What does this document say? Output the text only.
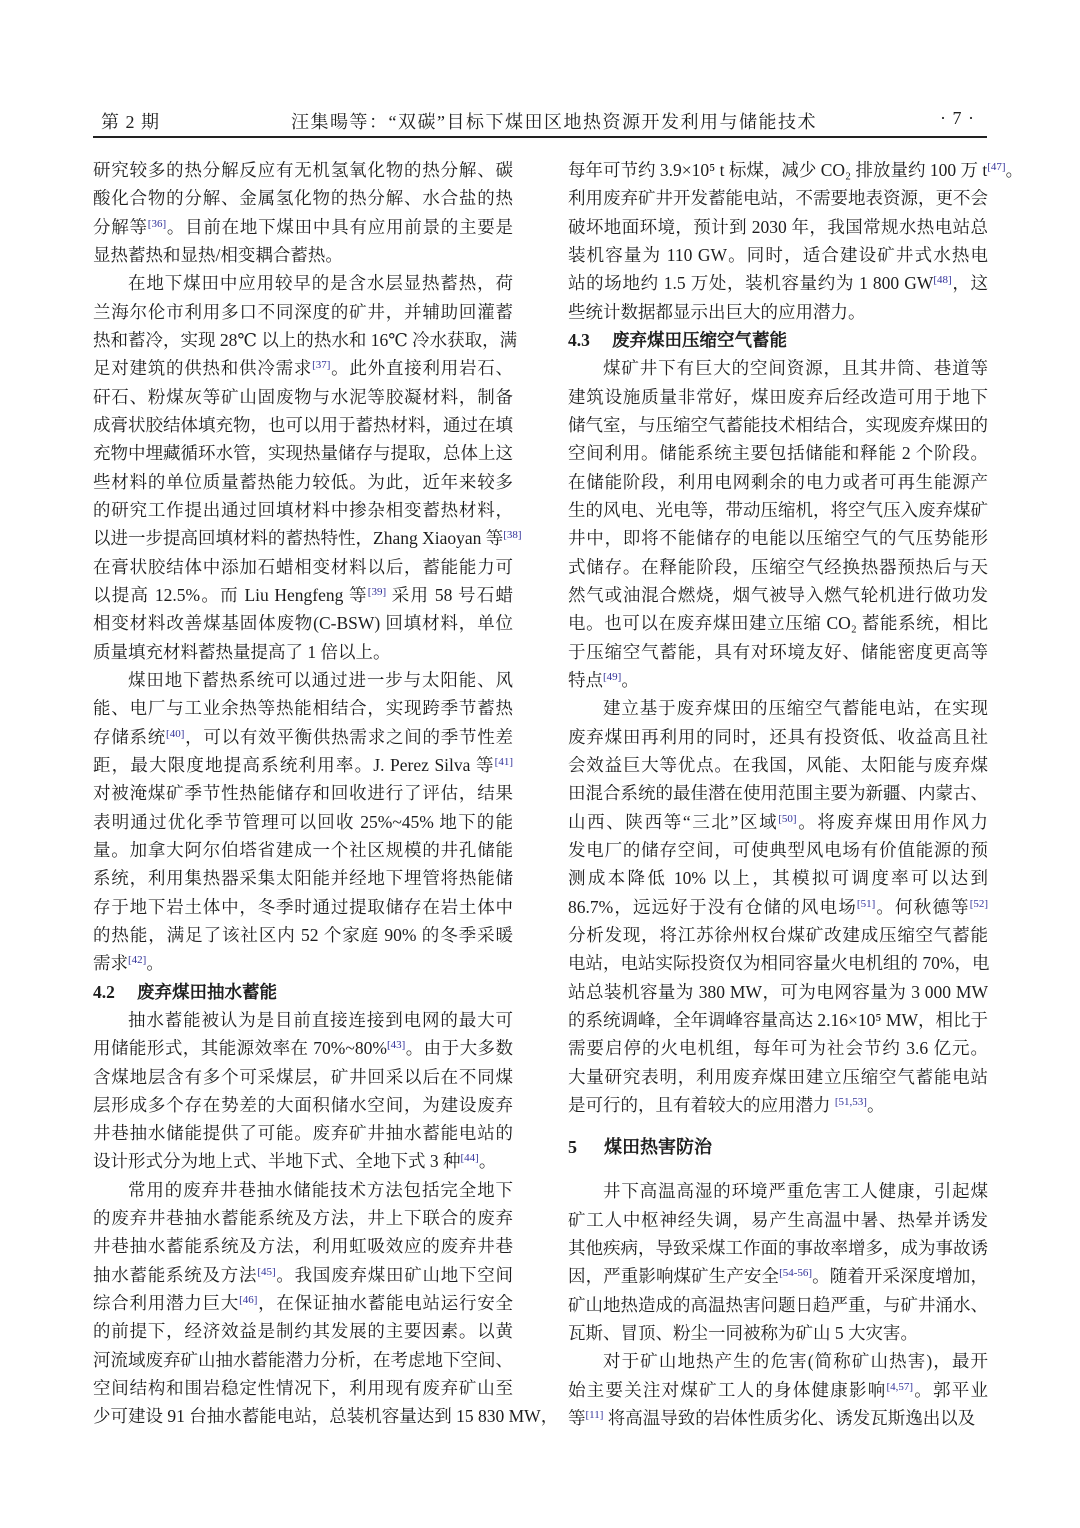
第 2 期	汪集暘等：“双碳”目标下煤田区地热资源开发利用与储能技术	· 7 ·
研究较多的热分解反应有无机氢氧化物的热分解、碳
酸化合物的分解、金属氢化物的热分解、水合盐的热
分解等[36]。目前在地下煤田中具有应用前景的主要是
显热蓄热和显热/相变耦合蓄热。
在地下煤田中应用较早的是含水层显热蓄热，荷
兰海尔伦市利用多口不同深度的矿井，并辅助回灌蓄
热和蓄冷，实现 28℃ 以上的热水和 16℃ 冷水获取，满
足对建筑的供热和供冷需求[37]。此外直接利用岩石、
矸石、粉煤灰等矿山固废物与水泥等胶凝材料，制备
成膏状胶结体填充物，也可以用于蓄热材料，通过在填
充物中埋藏循环水管，实现热量储存与提取，总体上这
些材料的单位质量蓄热能力较低。为此，近年来较多
的研究工作提出通过回填材料中掺杂相变蓄热材料，
以进一步提高回填材料的蓄热特性，Zhang Xiaoyan 等[38]
在膏状胶结体中添加石蜡相变材料以后，蓄能能力可
以提高 12.5%。而 Liu Hengfeng 等[39] 采用 58 号石蜡
相变材料改善煤基固体废物(C-BSW) 回填材料，单位
质量填充材料蓄热量提高了 1 倍以上。
煤田地下蓄热系统可以通过进一步与太阳能、风
能、电厂与工业余热等热能相结合，实现跨季节蓄热
存储系统[40]，可以有效平衡供热需求之间的季节性差
距，最大限度地提高系统利用率。J. Perez Silva 等[41]
对被淹煤矿季节性热能储存和回收进行了评估，结果
表明通过优化季节管理可以回收 25%~45% 地下的能
量。加拿大阿尔伯塔省建成一个社区规模的井孔储能
系统，利用集热器采集太阳能并经地下埋管将热能储
存于地下岩土体中，冬季时通过提取储存在岩土体中
的热能，满足了该社区内 52 个家庭 90% 的冬季采暖
需求[42]。
4.2 废弃煤田抽水蓄能
抽水蓄能被认为是目前直接连接到电网的最大可
用储能形式，其能源效率在 70%~80%[43]。由于大多数
含煤地层含有多个可采煤层，矿井回采以后在不同煤
层形成多个存在势差的大面积储水空间，为建设废弃
井巷抽水储能提供了可能。废弃矿井抽水蓄能电站的
设计形式分为地上式、半地下式、全地下式 3 种[44]。
常用的废弃井巷抽水储能技术方法包括完全地下
的废弃井巷抽水蓄能系统及方法，井上下联合的废弃
井巷抽水蓄能系统及方法，利用虹吸效应的废弃井巷
抽水蓄能系统及方法[45]。我国废弃煤田矿山地下空间
综合利用潜力巨大[46]，在保证抽水蓄能电站运行安全
的前提下，经济效益是制约其发展的主要因素。以黄
河流域废弃矿山抽水蓄能潜力分析，在考虑地下空间、
空间结构和围岩稳定性情况下，利用现有废弃矿山至
少可建设 91 台抽水蓄能电站，总装机容量达到 15 830 MW，
每年可节约 3.9×10⁵ t 标煤，减少 CO₂ 排放量约 100 万 t[47]。
利用废弃矿井开发蓄能电站，不需要地表资源，更不会
破坏地面环境，预计到 2030 年，我国常规水热电站总
装机容量为 110 GW。同时，适合建设矿井式水热电
站的场地约 1.5 万处，装机容量约为 1 800 GW[48]，这
些统计数据都显示出巨大的应用潜力。
4.3 废弃煤田压缩空气蓄能
煤矿井下有巨大的空间资源，且其井筒、巷道等
建筑设施质量非常好，煤田废弃后经改造可用于地下
储气室，与压缩空气蓄能技术相结合，实现废弃煤田的
空间利用。储能系统主要包括储能和释能 2 个阶段。
在储能阶段，利用电网剩余的电力或者可再生能源产
生的风电、光电等，带动压缩机，将空气压入废弃煤矿
井中，即将不能储存的电能以压缩空气的气压势能形
式储存。在释能阶段，压缩空气经换热器预热后与天
然气或油混合燃烧，烟气被导入燃气轮机进行做功发
电。也可以在废弃煤田建立压缩 CO₂ 蓄能系统，相比
于压缩空气蓄能，具有对环境友好、储能密度更高等
特点[49]。
建立基于废弃煤田的压缩空气蓄能电站，在实现
废弃煤田再利用的同时，还具有投资低、收益高且社
会效益巨大等优点。在我国，风能、太阳能与废弃煤
田混合系统的最佳潜在使用范围主要为新疆、内蒙古、
山西、陕西等“三北”区域[50]。将废弃煤田用作风力
发电厂的储存空间，可使典型风电场有价值能源的预
测成本降低 10% 以上，其模拟可调度率可以达到
86.7%，远远好于没有仓储的风电场[51]。何秋德等[52]
分析发现，将江苏徐州权台煤矿改建成压缩空气蓄能
电站，电站实际投资仅为相同容量火电机组的 70%，电
站总装机容量为 380 MW，可为电网容量为 3 000 MW
的系统调峰，全年调峰容量高达 2.16×10⁵ MW，相比于
需要启停的火电机组，每年可为社会节约 3.6 亿元。
大量研究表明，利用废弃煤田建立压缩空气蓄能电站
是可行的，且有着较大的应用潜力 [51,53]。
5 煤田热害防治
井下高温高湿的环境严重危害工人健康，引起煤
矿工人中枢神经失调，易产生高温中暑、热晕并诱发
其他疾病，导致采煤工作面的事故率增多，成为事故诱
因，严重影响煤矿生产安全[54-56]。随着开采深度增加，
矿山地热造成的高温热害问题日趋严重，与矿井涌水、
瓦斯、冒顶、粉尘一同被称为矿山 5 大灾害。
对于矿山地热产生的危害(简称矿山热害)，最开
始主要关注对煤矿工人的身体健康影响[4,57]。郭平业
等[11] 将高温导致的岩体性质劣化、诱发瓦斯逸出以及
